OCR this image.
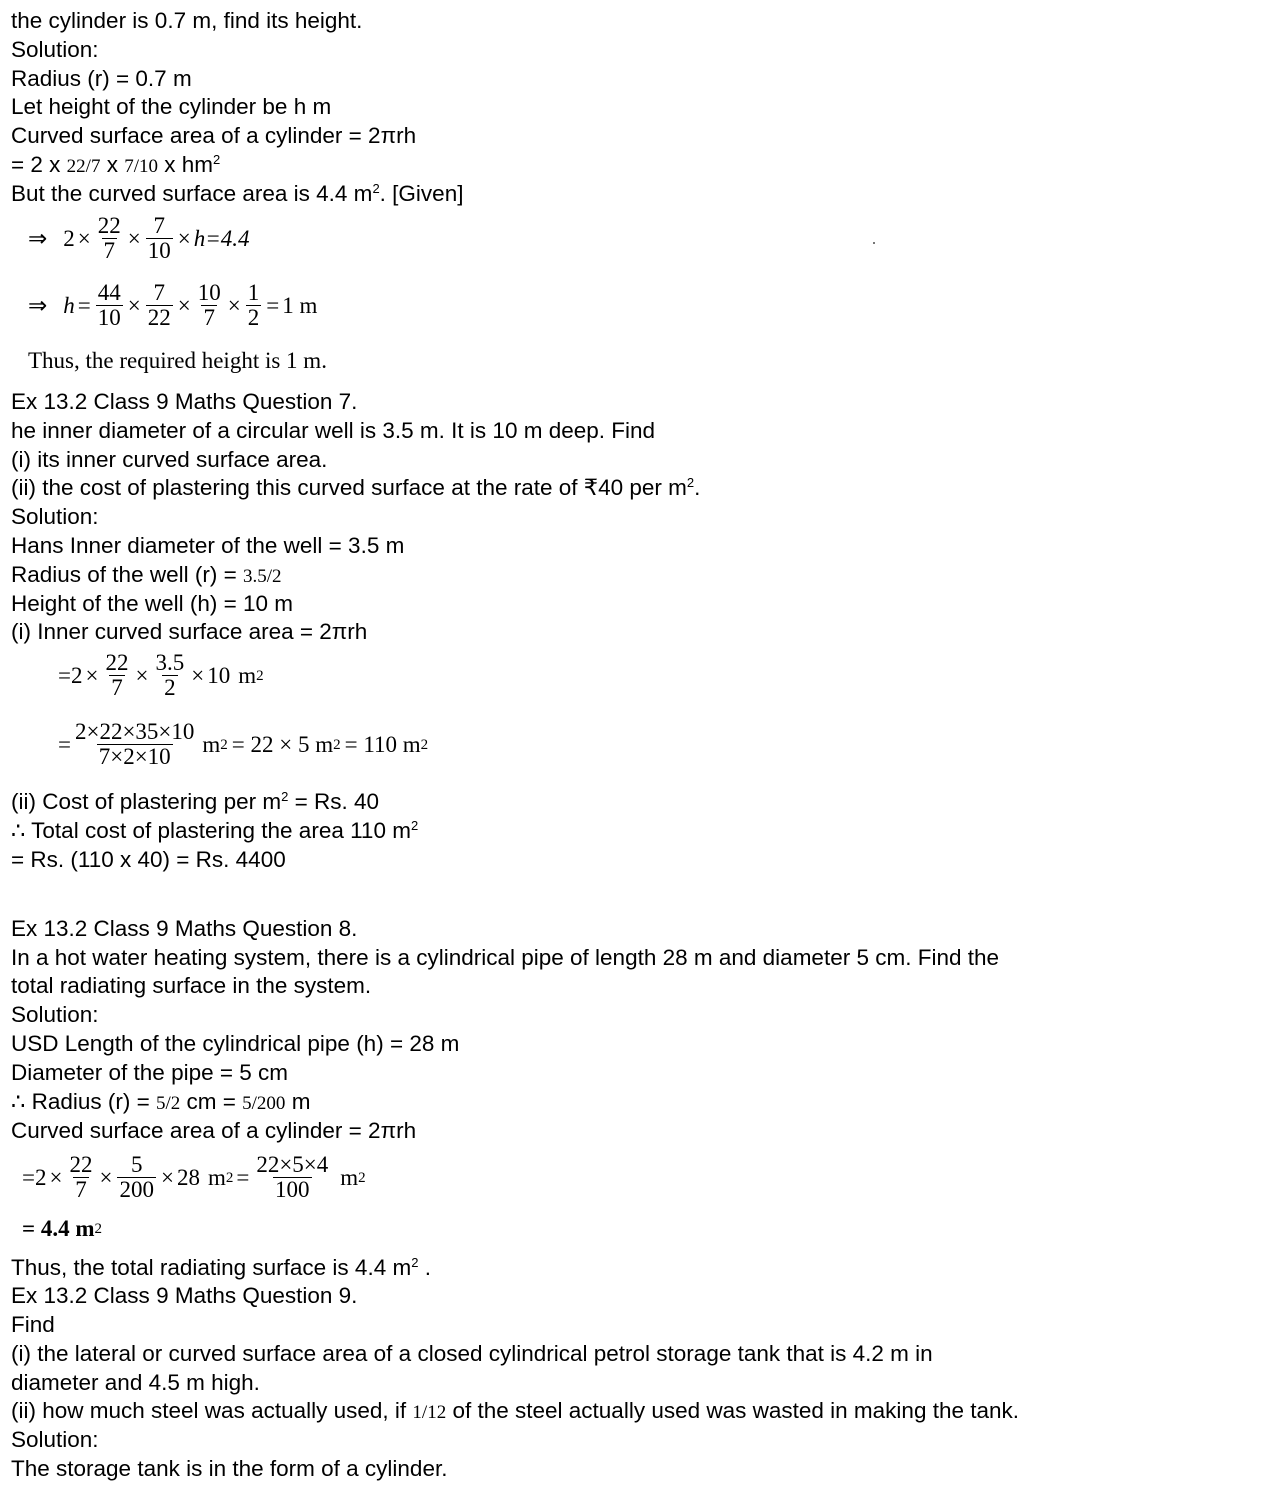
the cylinder is 0.7 m, find its height.
Solution:
Radius (r) = 0.7 m
Let height of the cylinder be h m
Curved surface area of a cylinder = 2πrh
= 2 x 22/7 x 7/10 x $hm^2$
But the curved surface area is 4.4 $m^2$. [Given]
⇒ $2 \times \frac{22}{7} \times \frac{7}{10} \times h=4.4$
⇒ $h = \frac{44}{10} \times \frac{7}{22} \times \frac{10}{7} \times \frac{1}{2} = 1$ m
Thus, the required height is 1 m.
Ex 13.2 Class 9 Maths Question 7.
he inner diameter of a circular well is 3.5 m. It is 10 m deep. Find
(i) its inner curved surface area.
(ii) the cost of plastering this curved surface at the rate of ₹40 per $m^2$.
Solution:
Hans Inner diameter of the well = 3.5 m
Radius of the well (r) = 3.5/2
Height of the well (h) = 10 m
(i) Inner curved surface area = 2πrh
= $2 \times \frac{22}{7} \times \frac{3.5}{2} \times 10$ m 2
= $\frac{2\times 22\times 35\times 10}{7\times 2\times 10}$ m 2 = 22 × 5 m 2 = 110 m 2
(ii) Cost of plastering per $m^2 = Rs$. 40
∴ Total cost of plastering the area 110 $m^2$
= Rs. (110 x 40) = Rs. 4400
Ex 13.2 Class 9 Maths Question 8.
In a hot water heating system, there is a cylindrical pipe of length 28 m and diameter 5 cm. Find the
total radiating surface in the system.
Solution:
USD Length of the cylindrical pipe (h) = 28 m
Diameter of the pipe = 5 cm
∴ Radius (r) = 5/2 cm = 5/200 m
Curved surface area of a cylinder = 2πrh
= $2 \times \frac{22}{7} \times \frac{5}{200} \times 28$ m $2 = \frac{22\times 5\times 4}{100}$ m 2
= 4.4 m 2
Thus, the total radiating surface is 4.4 $m^2$ .
Ex 13.2 Class 9 Maths Question 9.
Find
(i) the lateral or curved surface area of a closed cylindrical petrol storage tank that is 4.2 m in
diameter and 4.5 m high.
(ii) how much steel was actually used, if 1/12 of the steel actually used was wasted in making the tank.
Solution:
The storage tank is in the form of a cylinder.
